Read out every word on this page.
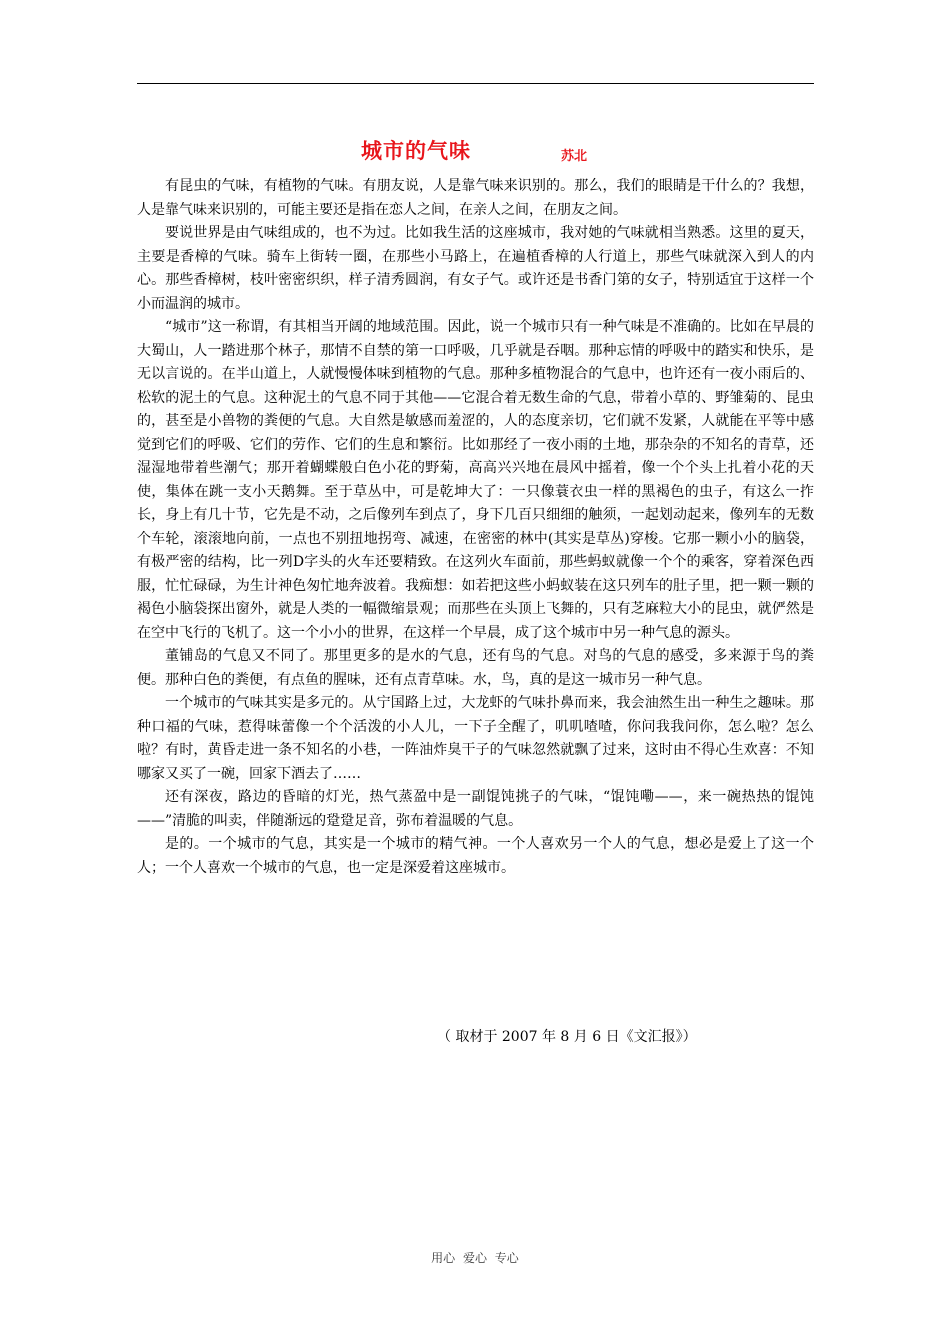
城市的气味	苏北

有昆虫的气味，有植物的气味。有朋友说，人是靠气味来识别的。那么，我们的眼睛是干什么的？我想，人是靠气味来识别的，可能主要还是指在恋人之间，在亲人之间，在朋友之间。

要说世界是由气味组成的，也不为过。比如我生活的这座城市，我对她的气味就相当熟悉。这里的夏天，主要是香樟的气味。骑车上街转一圈，在那些小马路上，在遍植香樟的人行道上，那些气味就深入到人的内心。那些香樟树，枝叶密密织织，样子清秀圆润，有女子气。或许还是书香门第的女子，特别适宜于这样一个小而温润的城市。

“城市”这一称谓，有其相当开阔的地域范围。因此，说一个城市只有一种气味是不准确的。比如在早晨的大蜀山，人一踏进那个林子，那情不自禁的第一口呼吸，几乎就是吞咽。那种忘情的呼吸中的踏实和快乐，是无以言说的。在半山道上，人就慢慢体味到植物的气息。那种多植物混合的气息中，也许还有一夜小雨后的、松软的泥土的气息。这种泥土的气息不同于其他——它混合着无数生命的气息，带着小草的、野雏菊的、昆虫的，甚至是小兽物的粪便的气息。大自然是敏感而羞涩的，人的态度亲切，它们就不发紧，人就能在平等中感觉到它们的呼吸、它们的劳作、它们的生息和繁衍。比如那经了一夜小雨的土地，那杂杂的不知名的青草，还湿湿地带着些潮气；那开着蝴蝶般白色小花的野菊，高高兴兴地在晨风中摇着，像一个个头上扎着小花的天使，集体在跳一支小天鹅舞。至于草丛中，可是乾坤大了：一只像蓑衣虫一样的黑褐色的虫子，有这么一拃长，身上有几十节，它先是不动，之后像列车到点了，身下几百只细细的触须，一起划动起来，像列车的无数个车轮，滚滚地向前，一点也不别扭地拐弯、减速，在密密的林中(其实是草丛)穿梭。它那一颗小小的脑袋，有极严密的结构，比一列D字头的火车还要精致。在这列火车面前，那些蚂蚁就像一个个的乘客，穿着深色西服，忙忙碌碌，为生计神色匆忙地奔波着。我痴想：如若把这些小蚂蚁装在这只列车的肚子里，把一颗一颗的褐色小脑袋探出窗外，就是人类的一幅微缩景观；而那些在头顶上飞舞的，只有芝麻粒大小的昆虫，就俨然是在空中飞行的飞机了。这一个小小的世界，在这样一个早晨，成了这个城市中另一种气息的源头。

董铺岛的气息又不同了。那里更多的是水的气息，还有鸟的气息。对鸟的气息的感受，多来源于鸟的粪便。那种白色的粪便，有点鱼的腥味，还有点青草味。水，鸟，真的是这一城市另一种气息。

一个城市的气味其实是多元的。从宁国路上过，大龙虾的气味扑鼻而来，我会油然生出一种生之趣味。那种口福的气味，惹得味蕾像一个个活泼的小人儿，一下子全醒了，叽叽喳喳，你问我我问你，怎么啦？怎么啦？有时，黄昏走进一条不知名的小巷，一阵油炸臭干子的气味忽然就飘了过来，这时由不得心生欢喜：不知哪家又买了一碗，回家下酒去了……

还有深夜，路边的昏暗的灯光，热气蒸盈中是一副馄饨挑子的气味，“馄饨嘞——，来一碗热热的馄饨——”清脆的叫卖，伴随渐远的跫跫足音，弥布着温暖的气息。

是的。一个城市的气息，其实是一个城市的精气神。一个人喜欢另一个人的气息，想必是爱上了这一个人；一个人喜欢一个城市的气息，也一定是深爱着这座城市。

（ 取材于 2007 年 8 月 6 日《文汇报》）
用心 爱心 专心
